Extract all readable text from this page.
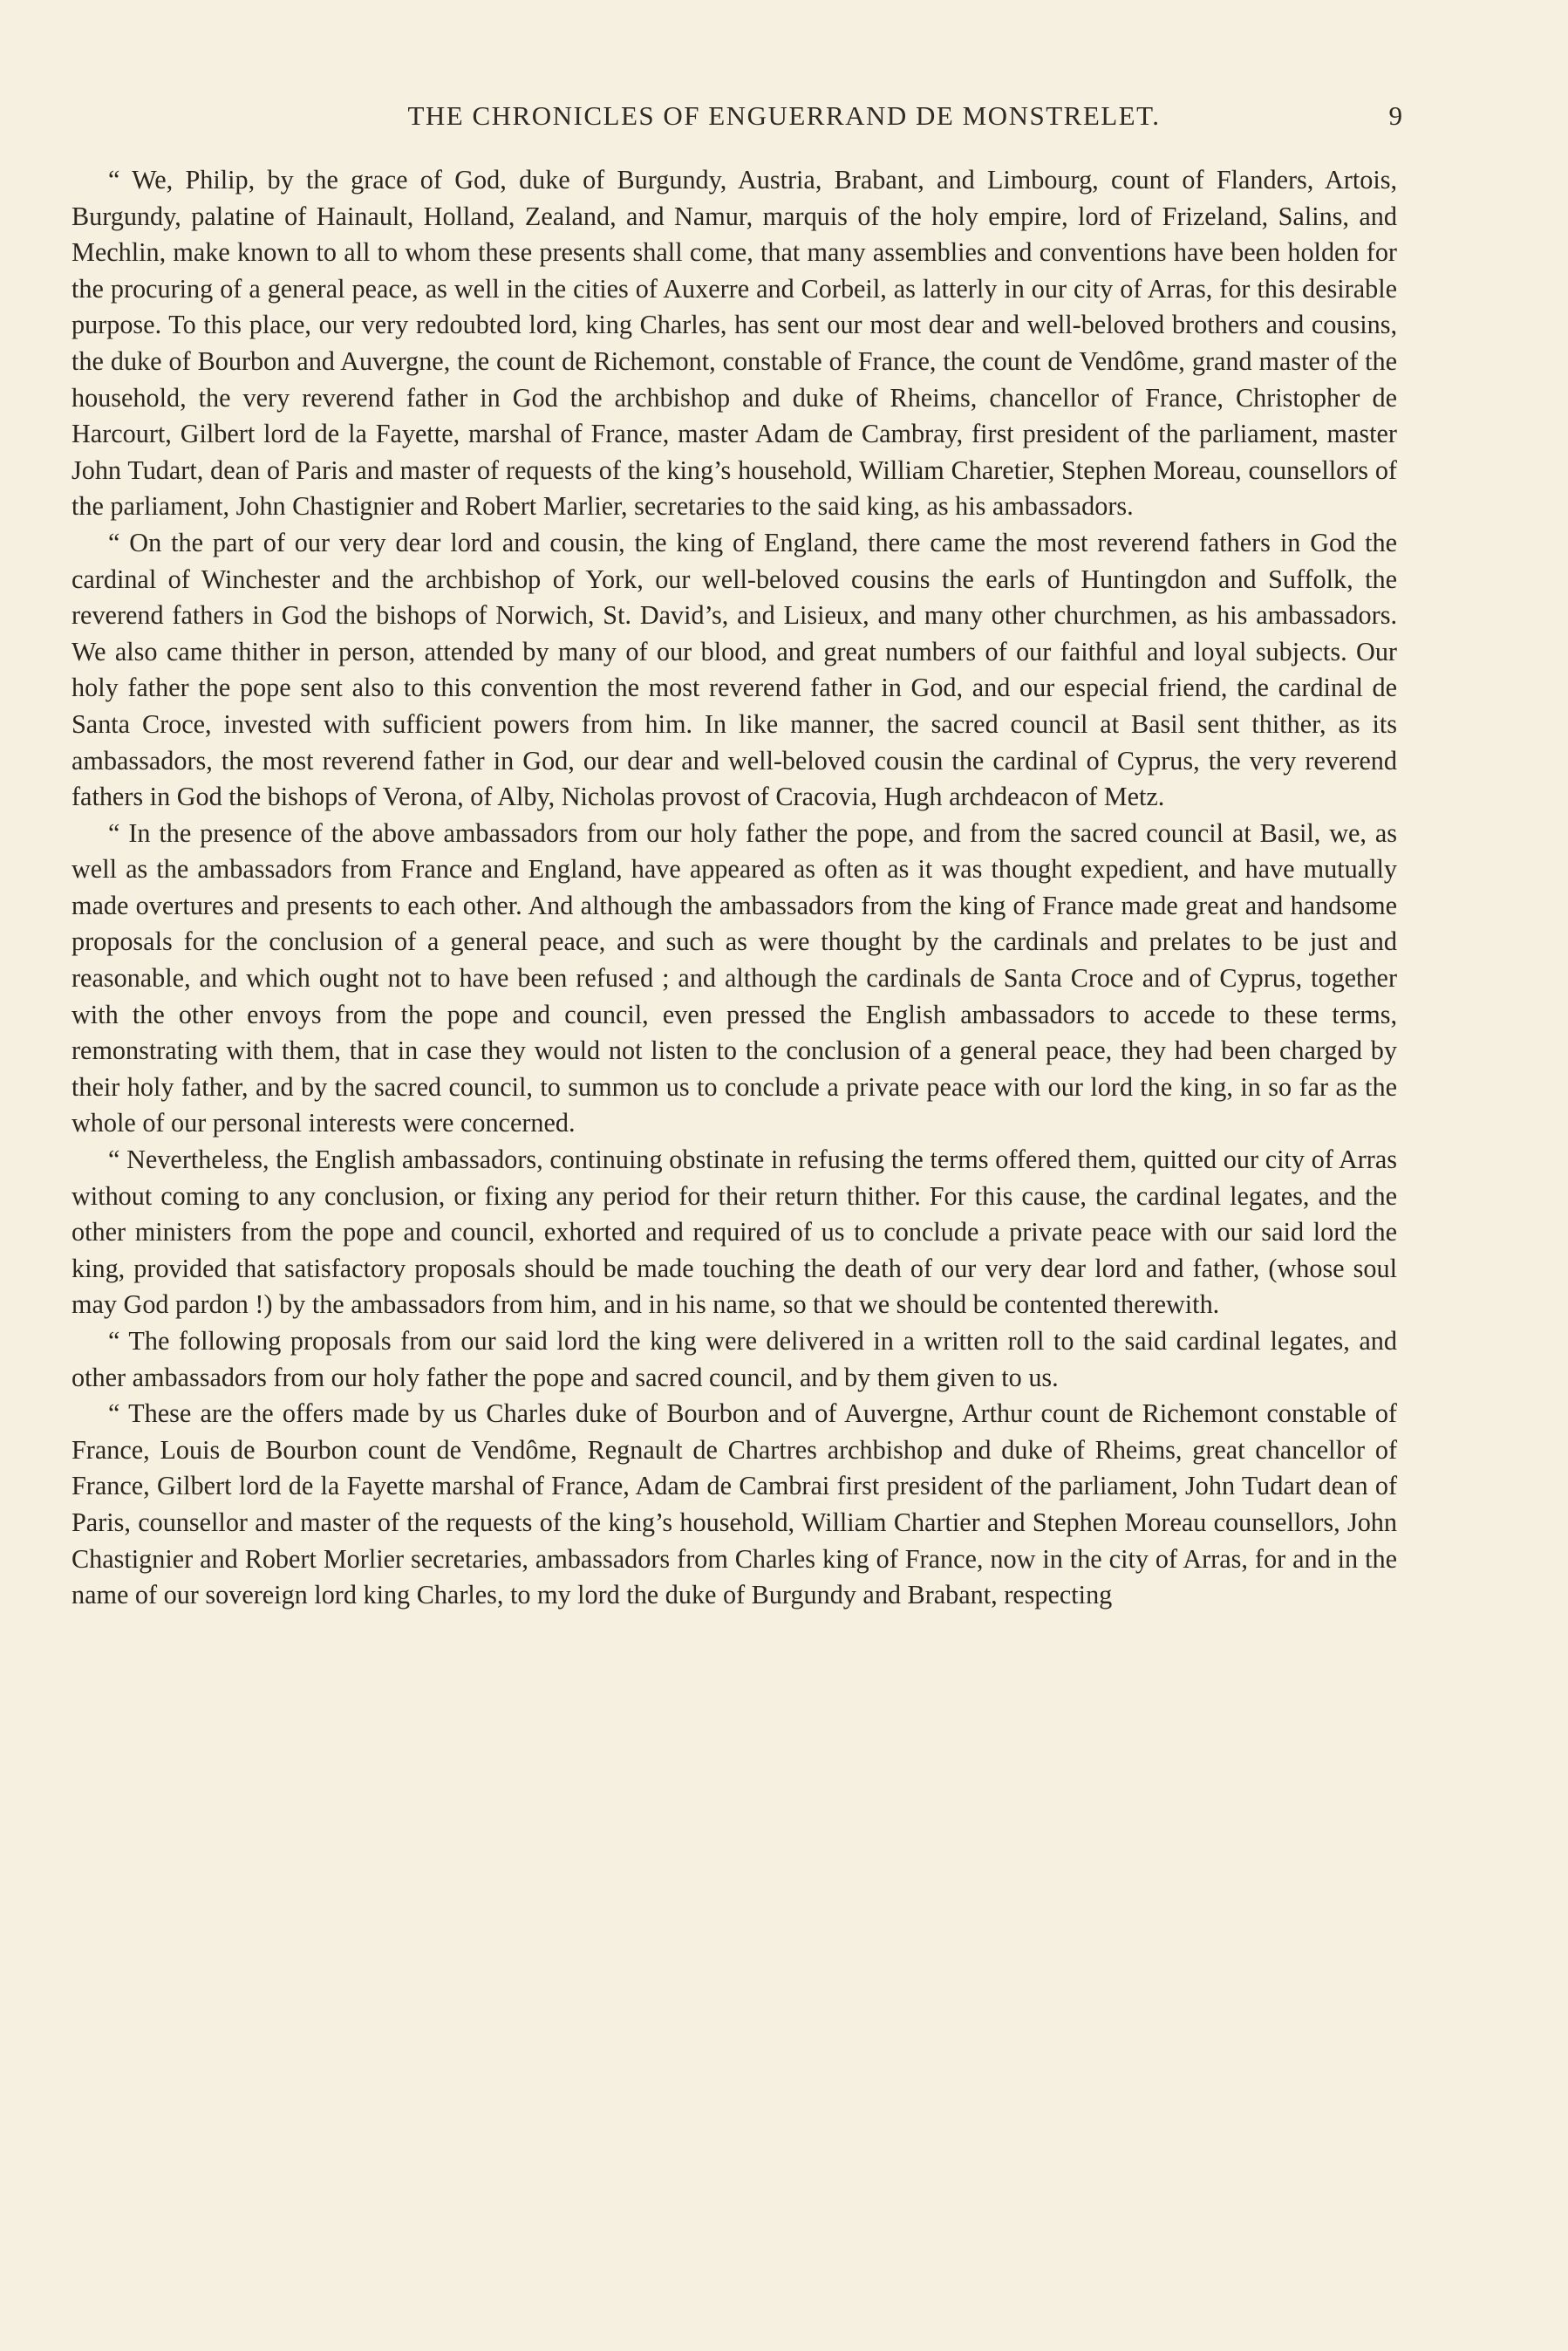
THE CHRONICLES OF ENGUERRAND DE MONSTRELET.	9

“ We, Philip, by the grace of God, duke of Burgundy, Austria, Brabant, and Limbourg, count of Flanders, Artois, Burgundy, palatine of Hainault, Holland, Zealand, and Namur, marquis of the holy empire, lord of Frizeland, Salins, and Mechlin, make known to all to whom these presents shall come, that many assemblies and conventions have been holden for the procuring of a general peace, as well in the cities of Auxerre and Corbeil, as latterly in our city of Arras, for this desirable purpose. To this place, our very redoubted lord, king Charles, has sent our most dear and well-beloved brothers and cousins, the duke of Bourbon and Auvergne, the count de Richemont, constable of France, the count de Vendôme, grand master of the household, the very reverend father in God the archbishop and duke of Rheims, chancellor of France, Christopher de Harcourt, Gilbert lord de la Fayette, marshal of France, master Adam de Cambray, first president of the parliament, master John Tudart, dean of Paris and master of requests of the king’s household, William Charetier, Stephen Moreau, counsellors of the parliament, John Chastignier and Robert Marlier, secretaries to the said king, as his ambassadors.

“ On the part of our very dear lord and cousin, the king of England, there came the most reverend fathers in God the cardinal of Winchester and the archbishop of York, our well-beloved cousins the earls of Huntingdon and Suffolk, the reverend fathers in God the bishops of Norwich, St. David’s, and Lisieux, and many other churchmen, as his ambassadors. We also came thither in person, attended by many of our blood, and great numbers of our faithful and loyal subjects. Our holy father the pope sent also to this convention the most reverend father in God, and our especial friend, the cardinal de Santa Croce, invested with sufficient powers from him. In like manner, the sacred council at Basil sent thither, as its ambassadors, the most reverend father in God, our dear and well-beloved cousin the cardinal of Cyprus, the very reverend fathers in God the bishops of Verona, of Alby, Nicholas provost of Cracovia, Hugh archdeacon of Metz.

“ In the presence of the above ambassadors from our holy father the pope, and from the sacred council at Basil, we, as well as the ambassadors from France and England, have appeared as often as it was thought expedient, and have mutually made overtures and presents to each other. And although the ambassadors from the king of France made great and handsome proposals for the conclusion of a general peace, and such as were thought by the cardinals and prelates to be just and reasonable, and which ought not to have been refused ; and although the cardinals de Santa Croce and of Cyprus, together with the other envoys from the pope and council, even pressed the English ambassadors to accede to these terms, remonstrating with them, that in case they would not listen to the conclusion of a general peace, they had been charged by their holy father, and by the sacred council, to summon us to conclude a private peace with our lord the king, in so far as the whole of our personal interests were concerned.

“ Nevertheless, the English ambassadors, continuing obstinate in refusing the terms offered them, quitted our city of Arras without coming to any conclusion, or fixing any period for their return thither. For this cause, the cardinal legates, and the other ministers from the pope and council, exhorted and required of us to conclude a private peace with our said lord the king, provided that satisfactory proposals should be made touching the death of our very dear lord and father, (whose soul may God pardon !) by the ambassadors from him, and in his name, so that we should be contented therewith.

“ The following proposals from our said lord the king were delivered in a written roll to the said cardinal legates, and other ambassadors from our holy father the pope and sacred council, and by them given to us.

“ These are the offers made by us Charles duke of Bourbon and of Auvergne, Arthur count de Richemont constable of France, Louis de Bourbon count de Vendôme, Regnault de Chartres archbishop and duke of Rheims, great chancellor of France, Gilbert lord de la Fayette marshal of France, Adam de Cambrai first president of the parliament, John Tudart dean of Paris, counsellor and master of the requests of the king’s household, William Chartier and Stephen Moreau counsellors, John Chastignier and Robert Morlier secretaries, ambassadors from Charles king of France, now in the city of Arras, for and in the name of our sovereign lord king Charles, to my lord the duke of Burgundy and Brabant, respecting
